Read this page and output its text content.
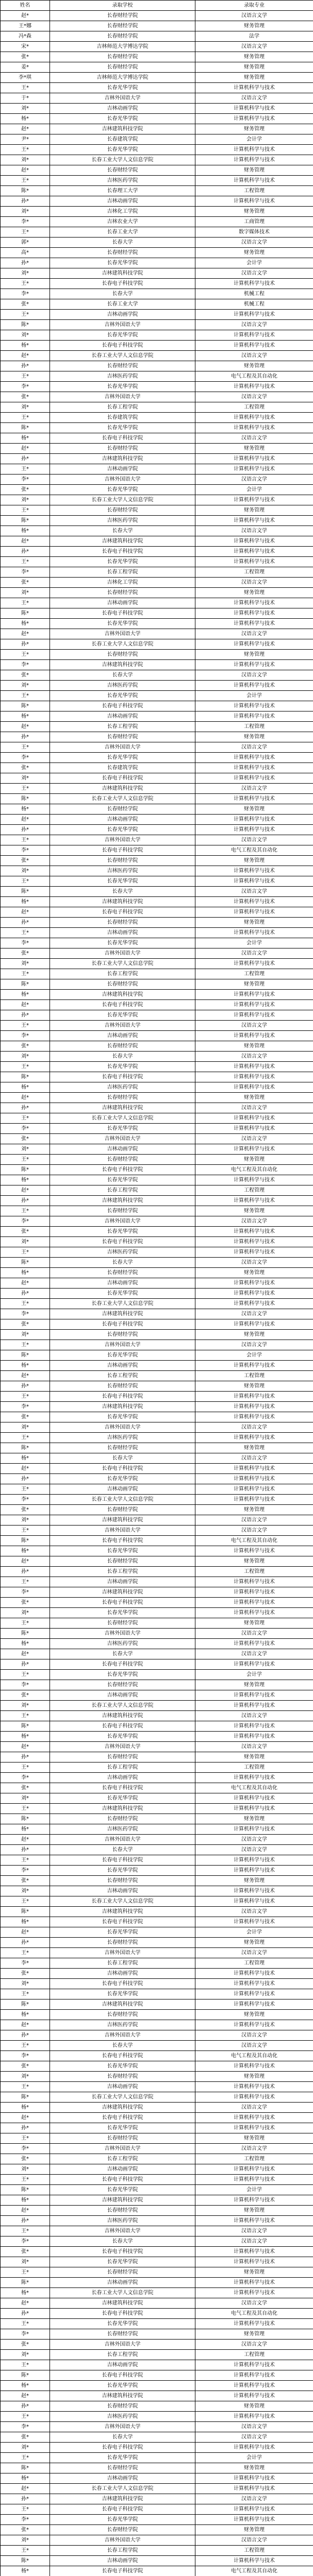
姓名	录取学校	录取专业
赵*	长春财经学院	汉语言文学
王*娜	长春财经学院	财务管理
冯*森	长春财经学院	法学
宋*	吉林师范大学博达学院	汉语言文学
张*	长春财经学院	财务管理
姜*	长春财经学院	财务管理
李*琪	吉林师范大学博达学院	财务管理
王*	长春光华学院	计算机科学与技术
于*	吉林外国语大学	汉语言文学
刘*	吉林动画学院	计算机科学与技术
杨*	长春光华学院	计算机科学与技术
赵*	吉林建筑科技学院	财务管理
尹*	长春建筑学院	会计学
王*	长春光华学院	计算机科学与技术
刘*	长春工业大学人文信息学院	计算机科学与技术
赵*	长春财经学院	财务管理
王*	吉林医药学院	计算机科学与技术
陈*	长春理工大学	工程管理
孙*	吉林动画学院	计算机科学与技术
刘*	吉林化工学院	财务管理
李*	吉林农业大学	工商管理
王*	长春工业大学	数字媒体技术
郭*	长春大学	汉语言文学
高*	长春财经学院	财务管理
孙*	长春光华学院	会计学
刘*	吉林建筑科技学院	汉语言文学
王*	长春电子科技学院	计算机科学与技术
李*	长春大学	机械工程
张*	长春工业大学	机械工程
王*	吉林动画学院	计算机科学与技术
陈*	吉林外国语大学	汉语言文学
刘*	长春光华学院	计算机科学与技术
杨*	长春电子科技学院	计算机科学与技术
赵*	长春工业大学人文信息学院	汉语言文学
孙*	长春财经学院	财务管理
王*	吉林医药学院	电气工程及其自动化
李*	长春光华学院	计算机科学与技术
张*	吉林外国语大学	汉语言文学
刘*	长春工程学院	工程管理
王*	长春建筑学院	计算机科学与技术
陈*	长春光华学院	计算机科学与技术
杨*	长春电子科技学院	汉语言文学
赵*	长春财经学院	财务管理
孙*	吉林建筑科技学院	计算机科学与技术
王*	吉林动画学院	计算机科学与技术
李*	吉林外国语大学	汉语言文学
张*	长春光华学院	会计学
刘*	长春工业大学人文信息学院	计算机科学与技术
王*	长春财经学院	财务管理
陈*	吉林医药学院	计算机科学与技术
杨*	长春大学	汉语言文学
赵*	吉林建筑科技学院	计算机科学与技术
孙*	长春电子科技学院	计算机科学与技术
王*	长春光华学院	计算机科学与技术
李*	长春工程学院	工程管理
张*	吉林化工学院	汉语言文学
刘*	长春财经学院	财务管理
王*	吉林动画学院	计算机科学与技术
陈*	长春电子科技学院	计算机科学与技术
杨*	长春光华学院	计算机科学与技术
赵*	吉林外国语大学	汉语言文学
孙*	长春工业大学人文信息学院	计算机科学与技术
王*	长春财经学院	财务管理
李*	吉林建筑科技学院	计算机科学与技术
张*	长春大学	汉语言文学
刘*	吉林医药学院	计算机科学与技术
王*	长春光华学院	会计学
陈*	长春电子科技学院	计算机科学与技术
杨*	吉林动画学院	计算机科学与技术
赵*	长春工程学院	工程管理
孙*	长春财经学院	财务管理
王*	吉林外国语大学	汉语言文学
李*	长春光华学院	计算机科学与技术
张*	长春建筑学院	计算机科学与技术
刘*	长春电子科技学院	计算机科学与技术
王*	吉林建筑科技学院	汉语言文学
陈*	长春工业大学人文信息学院	计算机科学与技术
杨*	长春财经学院	财务管理
赵*	吉林动画学院	计算机科学与技术
孙*	长春光华学院	计算机科学与技术
王*	吉林外国语大学	汉语言文学
李*	长春电子科技学院	电气工程及其自动化
张*	长春财经学院	财务管理
刘*	吉林医药学院	计算机科学与技术
王*	长春光华学院	计算机科学与技术
陈*	长春大学	汉语言文学
杨*	吉林建筑科技学院	计算机科学与技术
赵*	长春电子科技学院	计算机科学与技术
孙*	长春财经学院	财务管理
王*	吉林动画学院	计算机科学与技术
李*	长春光华学院	会计学
张*	吉林外国语大学	汉语言文学
刘*	长春工业大学人文信息学院	计算机科学与技术
王*	长春工程学院	工程管理
陈*	长春财经学院	财务管理
杨*	吉林建筑科技学院	计算机科学与技术
赵*	长春电子科技学院	计算机科学与技术
孙*	长春光华学院	计算机科学与技术
王*	吉林外国语大学	汉语言文学
李*	吉林动画学院	计算机科学与技术
张*	长春财经学院	财务管理
刘*	长春大学	汉语言文学
王*	长春光华学院	计算机科学与技术
陈*	长春电子科技学院	计算机科学与技术
杨*	吉林医药学院	计算机科学与技术
赵*	长春财经学院	财务管理
孙*	吉林建筑科技学院	汉语言文学
王*	长春工业大学人文信息学院	计算机科学与技术
李*	长春光华学院	计算机科学与技术
张*	吉林外国语大学	汉语言文学
刘*	吉林动画学院	计算机科学与技术
王*	长春财经学院	财务管理
陈*	长春电子科技学院	电气工程及其自动化
杨*	长春光华学院	计算机科学与技术
赵*	长春工程学院	工程管理
孙*	吉林建筑科技学院	计算机科学与技术
王*	长春财经学院	财务管理
李*	吉林外国语大学	汉语言文学
张*	长春光华学院	计算机科学与技术
刘*	长春电子科技学院	计算机科学与技术
王*	吉林医药学院	计算机科学与技术
陈*	长春大学	汉语言文学
杨*	长春财经学院	财务管理
赵*	吉林动画学院	计算机科学与技术
孙*	长春光华学院	计算机科学与技术
王*	长春工业大学人文信息学院	计算机科学与技术
李*	吉林建筑科技学院	汉语言文学
张*	长春电子科技学院	计算机科学与技术
刘*	长春财经学院	财务管理
王*	吉林外国语大学	汉语言文学
陈*	长春光华学院	会计学
杨*	吉林动画学院	计算机科学与技术
赵*	长春工程学院	工程管理
孙*	长春财经学院	财务管理
王*	长春电子科技学院	计算机科学与技术
李*	吉林建筑科技学院	计算机科学与技术
张*	长春光华学院	计算机科学与技术
刘*	吉林外国语大学	汉语言文学
王*	吉林医药学院	计算机科学与技术
陈*	长春财经学院	财务管理
杨*	长春大学	汉语言文学
赵*	长春电子科技学院	计算机科学与技术
孙*	长春光华学院	计算机科学与技术
王*	吉林动画学院	计算机科学与技术
李*	长春工业大学人文信息学院	计算机科学与技术
张*	长春财经学院	财务管理
刘*	吉林建筑科技学院	汉语言文学
王*	吉林外国语大学	汉语言文学
陈*	长春电子科技学院	电气工程及其自动化
杨*	长春光华学院	计算机科学与技术
赵*	长春财经学院	财务管理
孙*	长春工程学院	工程管理
王*	吉林动画学院	计算机科学与技术
李*	吉林建筑科技学院	计算机科学与技术
张*	长春电子科技学院	计算机科学与技术
刘*	长春光华学院	计算机科学与技术
王*	长春财经学院	财务管理
陈*	吉林外国语大学	汉语言文学
杨*	吉林医药学院	计算机科学与技术
赵*	长春大学	汉语言文学
孙*	长春电子科技学院	计算机科学与技术
王*	长春光华学院	会计学
李*	长春财经学院	财务管理
张*	吉林动画学院	计算机科学与技术
刘*	长春工业大学人文信息学院	计算机科学与技术
王*	吉林建筑科技学院	汉语言文学
陈*	长春电子科技学院	计算机科学与技术
杨*	长春光华学院	计算机科学与技术
赵*	吉林外国语大学	汉语言文学
孙*	长春财经学院	财务管理
王*	长春工程学院	工程管理
李*	吉林动画学院	计算机科学与技术
张*	长春电子科技学院	电气工程及其自动化
刘*	长春光华学院	计算机科学与技术
王*	吉林建筑科技学院	计算机科学与技术
陈*	长春财经学院	财务管理
杨*	吉林医药学院	计算机科学与技术
赵*	吉林外国语大学	汉语言文学
孙*	长春大学	汉语言文学
王*	长春电子科技学院	计算机科学与技术
李*	长春光华学院	计算机科学与技术
张*	长春财经学院	财务管理
刘*	吉林动画学院	计算机科学与技术
王*	长春工业大学人文信息学院	计算机科学与技术
陈*	吉林建筑科技学院	汉语言文学
杨*	长春电子科技学院	计算机科学与技术
赵*	长春光华学院	会计学
孙*	长春财经学院	财务管理
王*	吉林外国语大学	汉语言文学
李*	长春工程学院	工程管理
张*	吉林动画学院	计算机科学与技术
刘*	长春电子科技学院	计算机科学与技术
王*	长春光华学院	计算机科学与技术
陈*	吉林建筑科技学院	计算机科学与技术
杨*	长春财经学院	财务管理
赵*	吉林医药学院	计算机科学与技术
孙*	吉林外国语大学	汉语言文学
王*	长春大学	汉语言文学
李*	长春电子科技学院	电气工程及其自动化
张*	长春光华学院	计算机科学与技术
刘*	长春财经学院	财务管理
王*	吉林动画学院	计算机科学与技术
陈*	长春工业大学人文信息学院	计算机科学与技术
杨*	吉林建筑科技学院	汉语言文学
赵*	长春电子科技学院	计算机科学与技术
孙*	长春光华学院	计算机科学与技术
王*	长春财经学院	财务管理
李*	吉林外国语大学	汉语言文学
张*	长春工程学院	工程管理
刘*	吉林动画学院	计算机科学与技术
王*	长春电子科技学院	计算机科学与技术
陈*	长春光华学院	会计学
杨*	吉林建筑科技学院	计算机科学与技术
赵*	长春财经学院	财务管理
孙*	吉林医药学院	计算机科学与技术
王*	吉林外国语大学	汉语言文学
李*	长春大学	汉语言文学
张*	长春电子科技学院	计算机科学与技术
刘*	长春光华学院	计算机科学与技术
王*	长春财经学院	财务管理
陈*	吉林动画学院	计算机科学与技术
杨*	长春工业大学人文信息学院	计算机科学与技术
赵*	吉林建筑科技学院	汉语言文学
孙*	长春电子科技学院	电气工程及其自动化
王*	长春光华学院	计算机科学与技术
李*	长春财经学院	财务管理
张*	吉林外国语大学	汉语言文学
刘*	长春工程学院	工程管理
王*	吉林动画学院	计算机科学与技术
陈*	长春电子科技学院	计算机科学与技术
杨*	长春光华学院	计算机科学与技术
赵*	吉林建筑科技学院	计算机科学与技术
孙*	长春财经学院	财务管理
王*	吉林医药学院	计算机科学与技术
李*	吉林外国语大学	汉语言文学
张*	长春大学	汉语言文学
刘*	长春电子科技学院	计算机科学与技术
王*	长春光华学院	会计学
陈*	长春财经学院	财务管理
杨*	吉林动画学院	计算机科学与技术
赵*	长春工业大学人文信息学院	计算机科学与技术
孙*	吉林建筑科技学院	汉语言文学
王*	长春电子科技学院	计算机科学与技术
李*	长春光华学院	计算机科学与技术
张*	长春财经学院	财务管理
刘*	吉林外国语大学	汉语言文学
王*	长春工程学院	工程管理
陈*	吉林动画学院	计算机科学与技术
杨*	长春电子科技学院	电气工程及其自动化
